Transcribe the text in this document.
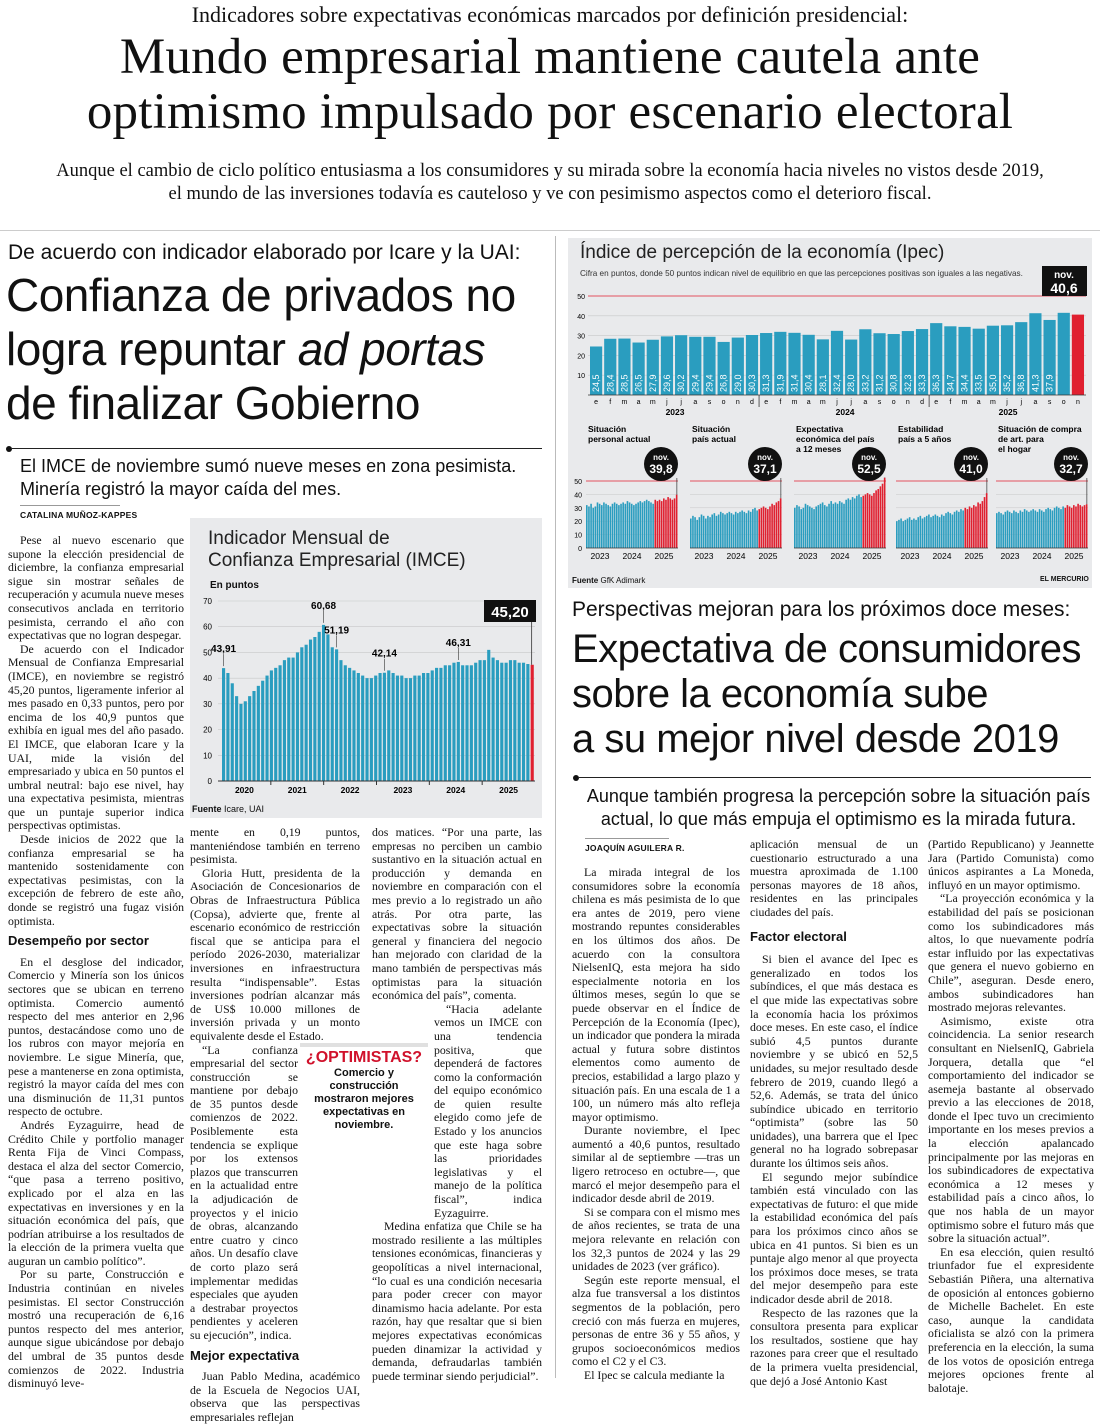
Indicadores sobre expectativas económicas marcados por definición presidencial:
Mundo empresarial mantiene cautela ante
optimismo impulsado por escenario electoral
Aunque el cambio de ciclo político entusiasma a los consumidores y su mirada sobre la economía hacia niveles no vistos desde 2019,
el mundo de las inversiones todavía es cauteloso y ve con pesimismo aspectos como el deterioro fiscal.
De acuerdo con indicador elaborado por Icare y la UAI:
Confianza de privados no
logra repuntar ad portas
de finalizar Gobierno
El IMCE de noviembre sumó nueve meses en zona pesimista.
Minería registró la mayor caída del mes.
CATALINA MUÑOZ-KAPPES

Pese al nuevo escenario que supone la elección presidencial de diciembre, la confianza empresarial sigue sin mostrar señales de recuperación y acumula nueve meses consecutivos anclada en territorio pesimista, cerrando el año con expectativas que no logran despegar.

De acuerdo con el Indicador Mensual de Confianza Empresarial (IMCE), en noviembre se registró 45,20 puntos, ligeramente inferior al mes pasado en 0,33 puntos, pero por encima de los 40,9 puntos que exhibía en igual mes del año pasado. El IMCE, que elaboran Icare y la UAI, mide la visión del empresariado y ubica en 50 puntos el umbral neutral: bajo ese nivel, hay una expectativa pesimista, mientras que un puntaje superior indica perspectivas optimistas.

Desde inicios de 2022 que la confianza empresarial se ha mantenido sostenidamente con expectativas pesimistas, con la excepción de febrero de este año, donde se registró una fugaz visión optimista.

Desempeño por sector

En el desglose del indicador, Comercio y Minería son los únicos sectores que se ubican en terreno optimista. Comercio aumentó respecto del mes anterior en 2,96 puntos, destacándose como uno de los rubros con mayor mejoría en noviembre. Le sigue Minería, que, pese a mantenerse en zona optimista, registró la mayor caída del mes con una disminución de 11,31 puntos respecto de octubre.

Andrés Eyzaguirre, head de Crédito Chile y portfolio manager Renta Fija de Vinci Compass, destaca el alza del sector Comercio, “que pasa a terreno positivo, explicado por el alza en las expectativas en inversiones y en la situación económica del país, que podrían atribuirse a los resultados de la elección de la primera vuelta que auguran un cambio político”.

Por su parte, Construcción e Industria continúan en niveles pesimistas. El sector Construcción mostró una recuperación de 6,16 puntos respecto del mes anterior, aunque sigue ubicándose por debajo del umbral de 35 puntos desde comienzos de 2022. Industria disminuyó leve-

Indicador Mensual de
Confianza Empresarial (IMCE)
En puntos
0
10
20
30
40
50
60
70
2020	2021	2022	2023	2024	2025
43,91
60,68
51,19
42,14
46,31
45,20
Fuente Icare, UAI

mente en 0,19 puntos, manteniéndose también en terreno pesimista.

Gloria Hutt, presidenta de la Asociación de Concesionarios de Obras de Infraestructura Pública (Copsa), advierte que, frente al escenario económico de restricción fiscal que se anticipa para el período 2026-2030, materializar inversiones en infraestructura resulta “indispensable”. Estas inversiones podrían alcanzar más de US$ 10.000 millones de inversión privada y un monto equivalente desde el Estado.

“La confianza empresarial del sector construcción se mantiene por debajo de 35 puntos desde comienzos de 2022. Posiblemente esta tendencia se explique por los extensos plazos que transcurren en la actualidad entre la adjudicación de proyectos y el inicio de obras, alcanzando entre cuatro y cinco años. Un desafío clave de corto plazo será implementar medidas especiales que ayuden a destrabar proyectos pendientes y aceleren su ejecución”, indica.

Mejor expectativa

Juan Pablo Medina, académico de la Escuela de Negocios UAI, observa que las perspectivas empresariales reflejan

¿OPTIMISTAS?
Comercio y construcción mostraron mejores expectativas en noviembre.

dos matices. “Por una parte, las empresas no perciben un cambio sustantivo en la situación actual en producción y demanda en noviembre en comparación con el mes previo a lo registrado un año atrás. Por otra parte, las expectativas sobre la situación general y financiera del negocio han mejorado con claridad de la mano también de perspectivas más optimistas para la situación económica del país”, comenta.

“Hacia adelante vemos un IMCE con una tendencia positiva, que dependerá de factores como la conformación del equipo económico de quien resulte elegido como jefe de Estado y los anuncios que este haga sobre las prioridades legislativas y el manejo de la política fiscal”, indica Eyzaguirre.

Medina enfatiza que Chile se ha mostrado resiliente a las múltiples tensiones económicas, financieras y geopolíticas a nivel internacional, “lo cual es una condición necesaria para poder crecer con mayor dinamismo hacia adelante. Por esta razón, hay que resaltar que si bien mejores expectativas económicas pueden dinamizar la actividad y demanda, defraudarlas también puede terminar siendo perjudicial”.

Índice de percepción de la economía (Ipec)
Cifra en puntos, donde 50 puntos indican nivel de equilibrio en que las percepciones positivas son iguales a las negativas.
10
20
30
40
50
24,5
e
28,4
f
28,5
m
26,5
a
27,9
m
29,6
j
30,2
j
29,4
a
29,4
s
26,8
o
29,0
n
30,3
d
31,3
e
31,9
f
31,4
m
30,4
a
28,1
m
32,4
j
28,0
j
33,2
a
31,2
s
30,8
o
32,3
n
33,3
d
36,3
e
34,7
f
34,4
m
33,5
a
35,0
m
35,2
j
36,8
j
41,3
a
37,9
s o n
2023	2024	2025
nov.
40,6
0
10
20
30
40
50
Situación
personal actual
2023 2024 2025
nov.
39,8
Situación
país actual
2023 2024 2025
nov.
37,1
Expectativa
económica del país
a 12 meses
2023 2024 2025
nov.
52,5
Estabilidad
país a 5 años
2023 2024 2025
nov.
41,0
Situación de compra
de art. para
el hogar
2023 2024 2025
nov.
32,7
Fuente GfK Adimark	EL MERCURIO
Perspectivas mejoran para los próximos doce meses:
Expectativa de consumidores
sobre la economía sube
a su mejor nivel desde 2019
Aunque también progresa la percepción sobre la situación país
actual, lo que más empuja el optimismo es la mirada futura.
JOAQUÍN AGUILERA R.

La mirada integral de los consumidores sobre la economía chilena es más pesimista de lo que era antes de 2019, pero viene mostrando repuntes considerables en los últimos dos años. De acuerdo con la consultora NielsenIQ, esta mejora ha sido especialmente notoria en los últimos meses, según lo que se puede observar en el Índice de Percepción de la Economía (Ipec), un indicador que pondera la mirada actual y futura sobre distintos elementos como aumento de precios, estabilidad a largo plazo y situación país. En una escala de 1 a 100, un número más alto refleja mayor optimismo.

Durante noviembre, el Ipec aumentó a 40,6 puntos, resultado similar al de septiembre —tras un ligero retroceso en octubre—, que marcó el mejor desempeño para el indicador desde abril de 2019.

Si se compara con el mismo mes de años recientes, se trata de una mejora relevante en relación con los 32,3 puntos de 2024 y las 29 unidades de 2023 (ver gráfico).

Según este reporte mensual, el alza fue transversal a los distintos segmentos de la población, pero creció con más fuerza en mujeres, personas de entre 36 y 55 años, y grupos socioeconómicos medios como el C2 y el C3.

El Ipec se calcula mediante la

aplicación mensual de un cuestionario estructurado a una muestra aproximada de 1.100 personas mayores de 18 años, residentes en las principales ciudades del país.

Factor electoral

Si bien el avance del Ipec es generalizado en todos los subíndices, el que más destaca es el que mide las expectativas sobre la economía hacia los próximos doce meses. En este caso, el índice subió 4,5 puntos durante noviembre y se ubicó en 52,5 unidades, su mejor resultado desde febrero de 2019, cuando llegó a 52,6. Además, se trata del único subíndice ubicado en territorio “optimista” (sobre las 50 unidades), una barrera que el Ipec general no ha logrado sobrepasar durante los últimos seis años.

El segundo mejor subíndice también está vinculado con las expectativas de futuro: el que mide la estabilidad económica del país para los próximos cinco años se ubica en 41 puntos. Si bien es un puntaje algo menor al que proyecta los próximos doce meses, se trata del mejor desempeño para este indicador desde abril de 2018.

Respecto de las razones que la consultora presenta para explicar los resultados, sostiene que hay razones para creer que el resultado de la primera vuelta presidencial, que dejó a José Antonio Kast

(Partido Republicano) y Jeannette Jara (Partido Comunista) como únicos aspirantes a La Moneda, influyó en un mayor optimismo.

“La proyección económica y la estabilidad del país se posicionan como los subindicadores más altos, lo que nuevamente podría estar influido por las expectativas que genera el nuevo gobierno en Chile”, aseguran. Desde enero, ambos subindicadores han mostrado mejoras relevantes.

Asimismo, existe otra coincidencia. La senior research consultant en NielsenIQ, Gabriela Jorquera, detalla que “el comportamiento del indicador se asemeja bastante al observado previo a las elecciones de 2018, donde el Ipec tuvo un crecimiento importante en los meses previos a la elección apalancado principalmente por las mejoras en los subindicadores de expectativa económica a 12 meses y estabilidad país a cinco años, lo que nos habla de un mayor optimismo sobre el futuro más que sobre la situación actual”.

En esa elección, quien resultó triunfador fue el expresidente Sebastián Piñera, una alternativa de oposición al entonces gobierno de Michelle Bachelet. En este caso, aunque la candidata oficialista se alzó con la primera preferencia en la elección, la suma de los votos de oposición entrega mejores opciones frente al balotaje.
